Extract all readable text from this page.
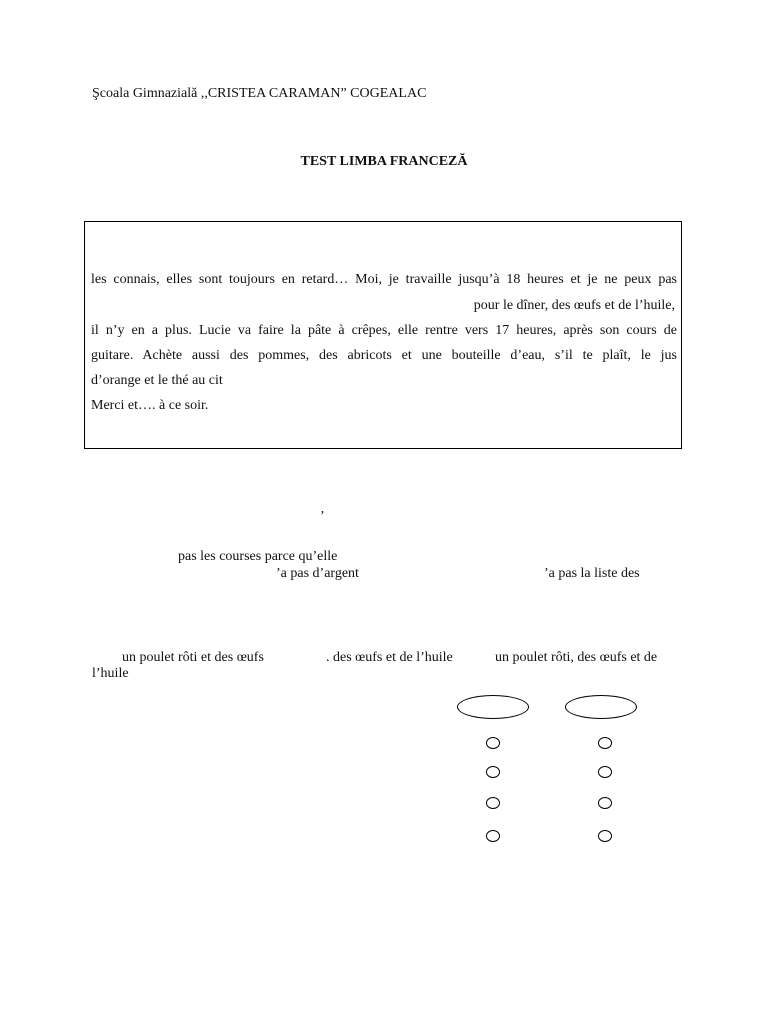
Şcoala Gimnazială ,,CRISTEA CARAMAN” COGEALAC
TEST LIMBA FRANCEZĂ
les connais, elles sont toujours en retard… Moi, je travaille jusqu’à 18 heures et je ne peux pas
pour le dîner, des œufs et de l’huile,
il n’y en a plus. Lucie va faire la pâte à crêpes, elle rentre vers 17 heures, après son cours de
guitare. Achète aussi des pommes, des abricots et une bouteille d’eau, s’il te plaît, le jus
d’orange et le thé au cit
Merci et…. à ce soir.
’
pas les courses parce qu’elle
’a pas d’argent	’a pas la liste des
un poulet rôti et des œufs	. des œufs et de l’huile	un poulet rôti, des œufs et de
l’huile
